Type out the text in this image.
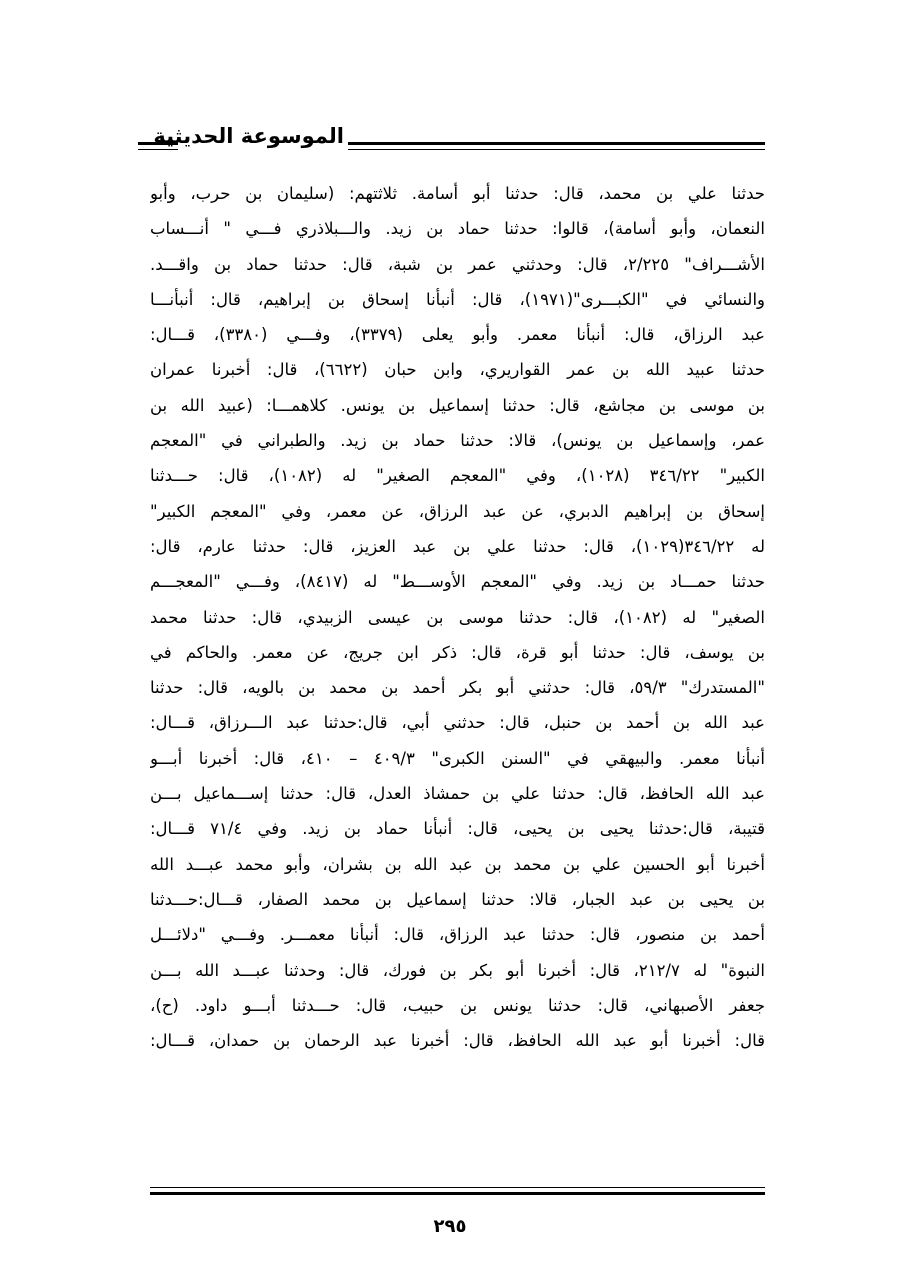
الموسوعة الحديثية
حدثنا علي بن محمد، قال: حدثنا أبو أسامة. ثلاثتهم: (سليمان بن حرب، وأبو
النعمان، وأبو أسامة)، قالوا: حدثنا حماد بن زيد. والـــبلاذري فـــي " أنـــساب
الأشـــراف" ٢/٢٢٥، قال: وحدثني عمر بن شبة، قال: حدثنا حماد بن واقـــد.
والنسائي في "الكبـــرى"(١٩٧١)، قال: أنبأنا إسحاق بن إبراهيم، قال: أنبأنـــا
عبد الرزاق، قال: أنبأنا معمر. وأبو يعلى (٣٣٧٩)، وفـــي (٣٣٨٠)، قـــال:
حدثنا عبيد الله بن عمر القواريري، وابن حبان (٦٦٢٢)، قال: أخبرنا عمران
بن موسى بن مجاشع، قال: حدثنا إسماعيل بن يونس. كلاهمـــا: (عبيد الله بن
عمر، وإسماعيل بن يونس)، قالا: حدثنا حماد بن زيد. والطبراني في "المعجم
الكبير" ٣٤٦/٢٢ (١٠٢٨)، وفي "المعجم الصغير" له (١٠٨٢)، قال: حـــدثنا
إسحاق بن إبراهيم الدبري، عن عبد الرزاق، عن معمر، وفي "المعجم الكبير"
له ٣٤٦/٢٢(١٠٢٩)، قال: حدثنا علي بن عبد العزيز، قال: حدثنا عارم، قال:
حدثنا حمـــاد بن زيد. وفي "المعجم الأوســـط" له (٨٤١٧)، وفـــي "المعجـــم
الصغير" له (١٠٨٢)، قال: حدثنا موسى بن عيسى الزبيدي، قال: حدثنا محمد
بن يوسف، قال: حدثنا أبو قرة، قال: ذكر ابن جريج، عن معمر. والحاكم في
"المستدرك" ٥٩/٣، قال: حدثني أبو بكر أحمد بن محمد بن بالويه، قال: حدثنا
عبد الله بن أحمد بن حنبل، قال: حدثني أبي، قال:حدثنا عبد الـــرزاق، قـــال:
أنبأنا معمر. والبيهقي في "السنن الكبرى" ٤٠٩/٣ – ٤١٠، قال: أخبرنا أبـــو
عبد الله الحافظ، قال: حدثنا علي بن حمشاذ العدل، قال: حدثنا إســـماعيل بـــن
قتيبة، قال:حدثنا يحيى بن يحيى، قال: أنبأنا حماد بن زيد. وفي ٧١/٤ قـــال:
أخبرنا أبو الحسين علي بن محمد بن عبد الله بن بشران، وأبو محمد عبـــد الله
بن يحيى بن عبد الجبار، قالا: حدثنا إسماعيل بن محمد الصفار، قـــال:حـــدثنا
أحمد بن منصور، قال: حدثنا عبد الرزاق، قال: أنبأنا معمـــر. وفـــي "دلائـــل
النبوة" له ٢١٢/٧، قال: أخبرنا أبو بكر بن فورك، قال: وحدثنا عبـــد الله بـــن
جعفر الأصبهاني، قال: حدثنا يونس بن حبيب، قال: حـــدثنا أبـــو داود. (ح)،
قال: أخبرنا أبو عبد الله الحافظ، قال: أخبرنا عبد الرحمان بن حمدان، قـــال:
٢٩٥
